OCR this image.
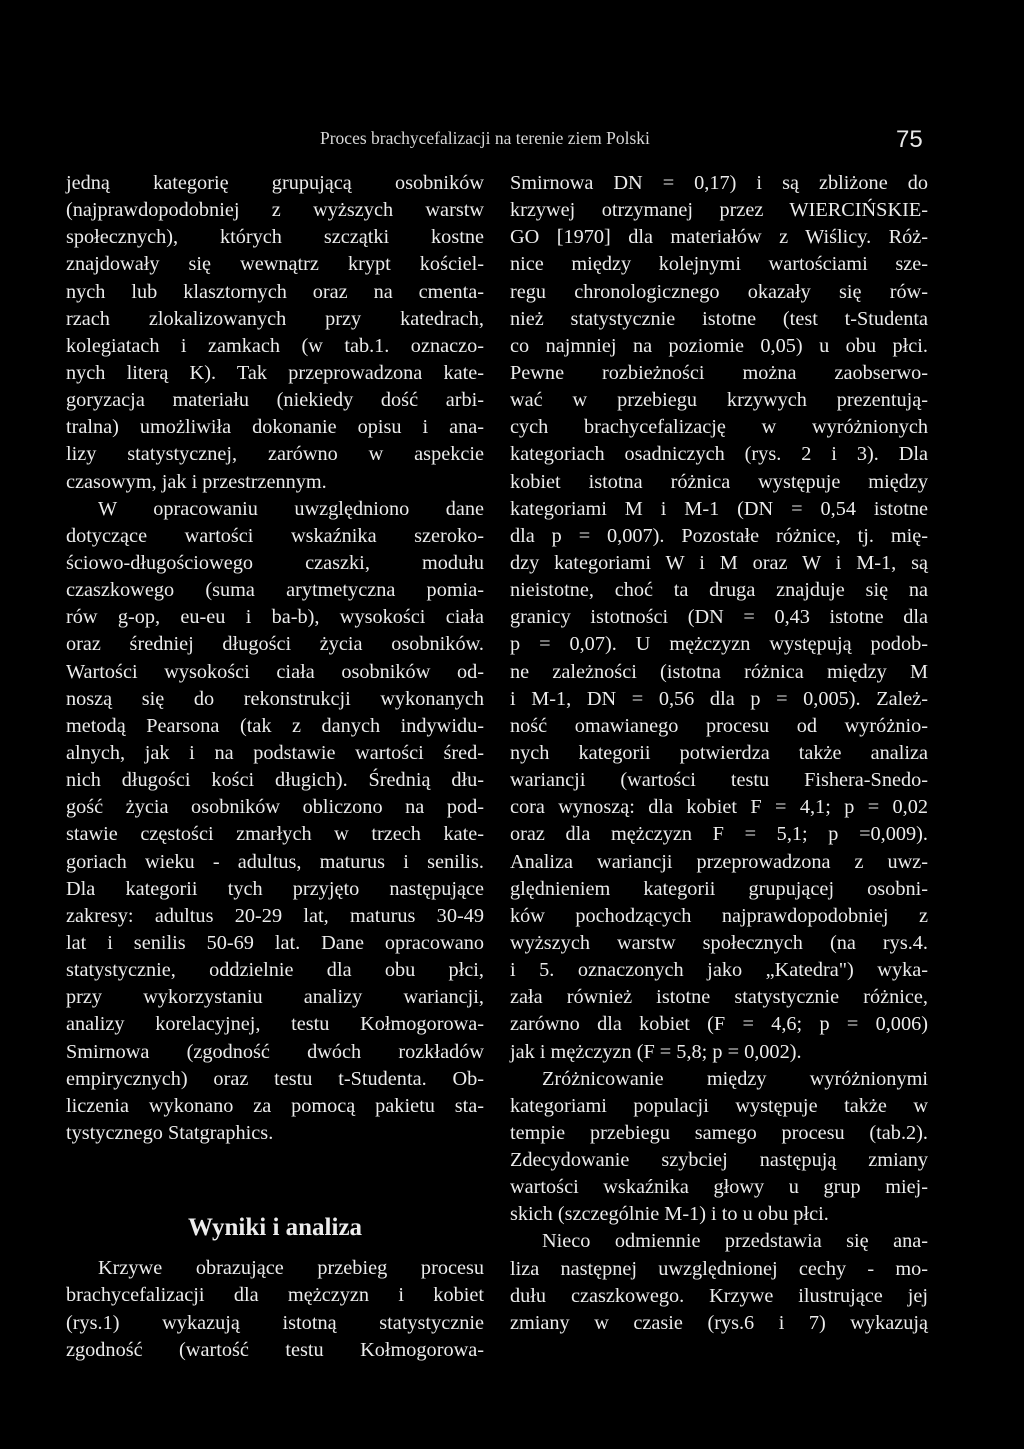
Proces brachycefalizacji na terenie ziem Polski	75
jedną kategorię grupującą osobników
(najprawdopodobniej z wyższych warstw
społecznych), których szczątki kostne
znajdowały się wewnątrz krypt kościel-
nych lub klasztornych oraz na cmenta-
rzach zlokalizowanych przy katedrach,
kolegiatach i zamkach (w tab.1. oznaczo-
nych literą K). Tak przeprowadzona kate-
goryzacja materiału (niekiedy dość arbi-
tralna) umożliwiła dokonanie opisu i ana-
lizy statystycznej, zarówno w aspekcie
czasowym, jak i przestrzennym.
W opracowaniu uwzględniono dane
dotyczące wartości wskaźnika szeroko-
ściowo-długościowego czaszki, modułu
czaszkowego (suma arytmetyczna pomia-
rów g-op, eu-eu i ba-b), wysokości ciała
oraz średniej długości życia osobników.
Wartości wysokości ciała osobników od-
noszą się do rekonstrukcji wykonanych
metodą Pearsona (tak z danych indywidu-
alnych, jak i na podstawie wartości śred-
nich długości kości długich). Średnią dłu-
gość życia osobników obliczono na pod-
stawie częstości zmarłych w trzech kate-
goriach wieku - adultus, maturus i senilis.
Dla kategorii tych przyjęto następujące
zakresy: adultus 20-29 lat, maturus 30-49
lat i senilis 50-69 lat. Dane opracowano
statystycznie, oddzielnie dla obu płci,
przy wykorzystaniu analizy wariancji,
analizy korelacyjnej, testu Kołmogorowa-
Smirnowa (zgodność dwóch rozkładów
empirycznych) oraz testu t-Studenta. Ob-
liczenia wykonano za pomocą pakietu sta-
tystycznego Statgraphics.
Wyniki i analiza
Krzywe obrazujące przebieg procesu
brachycefalizacji dla mężczyzn i kobiet
(rys.1) wykazują istotną statystycznie
zgodność (wartość testu Kołmogorowa-
Smirnowa DN = 0,17) i są zbliżone do
krzywej otrzymanej przez WIERCIŃSKIE-
GO [1970] dla materiałów z Wiślicy. Róż-
nice między kolejnymi wartościami sze-
regu chronologicznego okazały się rów-
nież statystycznie istotne (test t-Studenta
co najmniej na poziomie 0,05) u obu płci.
Pewne rozbieżności można zaobserwo-
wać w przebiegu krzywych prezentują-
cych brachycefalizację w wyróżnionych
kategoriach osadniczych (rys. 2 i 3). Dla
kobiet istotna różnica występuje między
kategoriami M i M-1 (DN = 0,54 istotne
dla p = 0,007). Pozostałe różnice, tj. mię-
dzy kategoriami W i M oraz W i M-1, są
nieistotne, choć ta druga znajduje się na
granicy istotności (DN = 0,43 istotne dla
p = 0,07). U mężczyzn występują podob-
ne zależności (istotna różnica między M
i M-1, DN = 0,56 dla p = 0,005). Zależ-
ność omawianego procesu od wyróżnio-
nych kategorii potwierdza także analiza
wariancji (wartości testu Fishera-Snedo-
cora wynoszą: dla kobiet F = 4,1; p = 0,02
oraz dla mężczyzn F = 5,1; p =0,009).
Analiza wariancji przeprowadzona z uwz-
ględnieniem kategorii grupującej osobni-
ków pochodzących najprawdopodobniej z
wyższych warstw społecznych (na rys.4.
i 5. oznaczonych jako „Katedra") wyka-
zała również istotne statystycznie różnice,
zarówno dla kobiet (F = 4,6; p = 0,006)
jak i mężczyzn (F = 5,8; p = 0,002).
Zróżnicowanie między wyróżnionymi
kategoriami populacji występuje także w
tempie przebiegu samego procesu (tab.2).
Zdecydowanie szybciej następują zmiany
wartości wskaźnika głowy u grup miej-
skich (szczególnie M-1) i to u obu płci.
Nieco odmiennie przedstawia się ana-
liza następnej uwzględnionej cechy - mo-
dułu czaszkowego. Krzywe ilustrujące jej
zmiany w czasie (rys.6 i 7) wykazują
